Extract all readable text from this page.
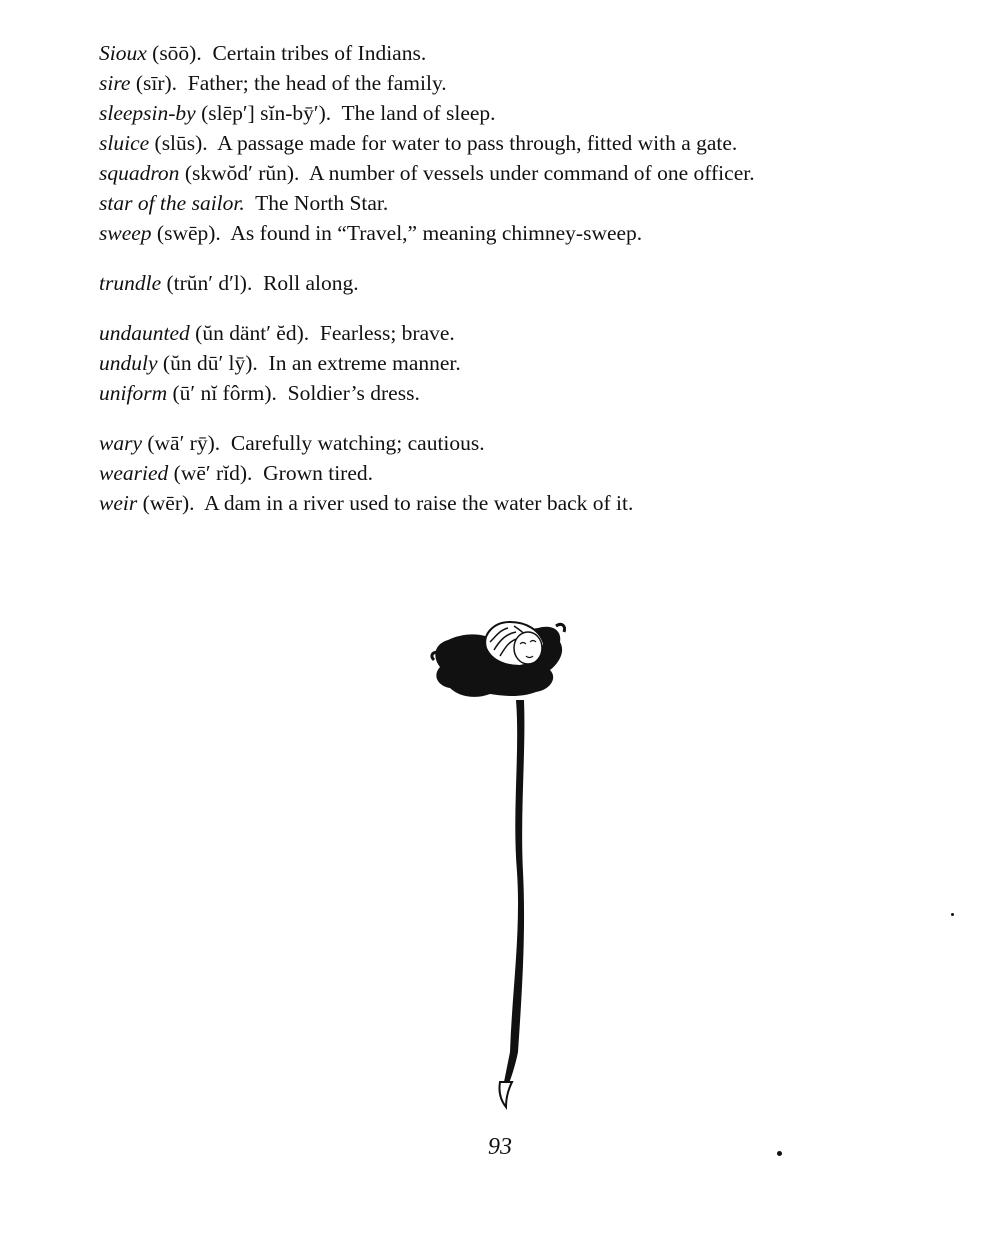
Sioux (sōō). Certain tribes of Indians.
sire (sīr). Father; the head of the family.
sleepsin-by (slēp′] sĭn-bȳ′). The land of sleep.
sluice (slūs). A passage made for water to pass through, fitted with a gate.
squadron (skwŏd′ rŭn). A number of vessels under command of one officer.
star of the sailor. The North Star.
sweep (swēp). As found in “Travel,” meaning chimney-sweep.
trundle (trŭn′ d′l). Roll along.
undaunted (ŭn dänt′ ĕd). Fearless; brave.
unduly (ŭn dū′ lȳ). In an extreme manner.
uniform (ū′ nĭ fôrm). Soldier’s dress.
wary (wā′ rȳ). Carefully watching; cautious.
wearied (wē′ rĭd). Grown tired.
weir (wēr). A dam in a river used to raise the water back of it.
93
